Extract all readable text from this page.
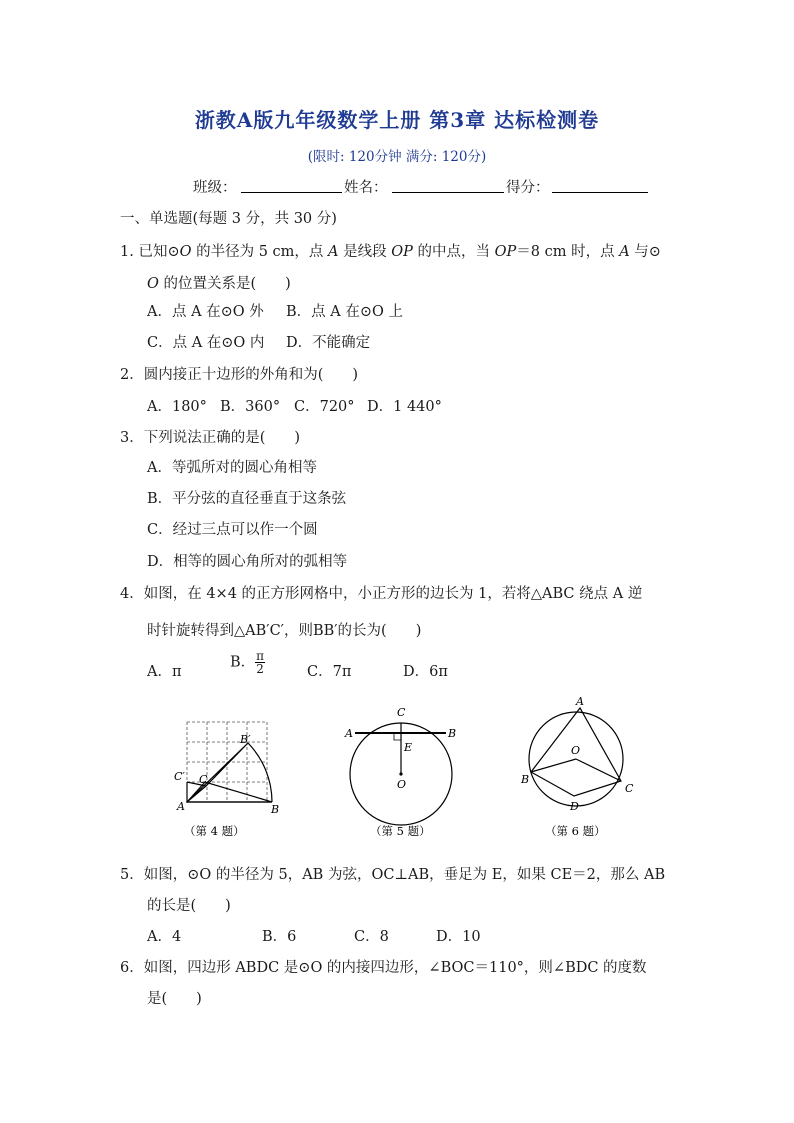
浙教A版九年级数学上册 第3章 达标检测卷
(限时: 120分钟 满分: 120分)
班级：	姓名：	得分：
一、单选题(每题 3 分，共 30 分)
1. 已知⊙O 的半径为 5 cm，点 A 是线段 OP 的中点，当 OP＝8 cm 时，点 A 与⊙
O 的位置关系是(　　)
A．点 A 在⊙O 外 B．点 A 在⊙O 上
C．点 A 在⊙O 内 D．不能确定
2．圆内接正十边形的外角和为(　　)
A．180° B．360° C．720° D．1 440°
3．下列说法正确的是(　　)
A．等弧所对的圆心角相等
B．平分弦的直径垂直于这条弦
C．经过三点可以作一个圆
D．相等的圆心角所对的弧相等
4．如图，在 4×4 的正方形网格中，小正方形的边长为 1，若将△ABC 绕点 A 逆
时针旋转得到△AB′C′，则BB′的长为(　　)
A．π
B． $\frac{\pi}{2}$	C．7π	D．6π
B′
C′ C
A	B
（第 4 题）
C
A	B
E
O
（第 5 题）
A
O
B
C
D
（第 6 题）
5．如图，⊙O 的半径为 5，AB 为弦，OC⊥AB，垂足为 E，如果 CE＝2，那么 AB
的长是(　　)
A．4	B．6	C．8	D．10
6．如图，四边形 ABDC 是⊙O 的内接四边形，∠BOC＝110°，则∠BDC 的度数
是(　　)
